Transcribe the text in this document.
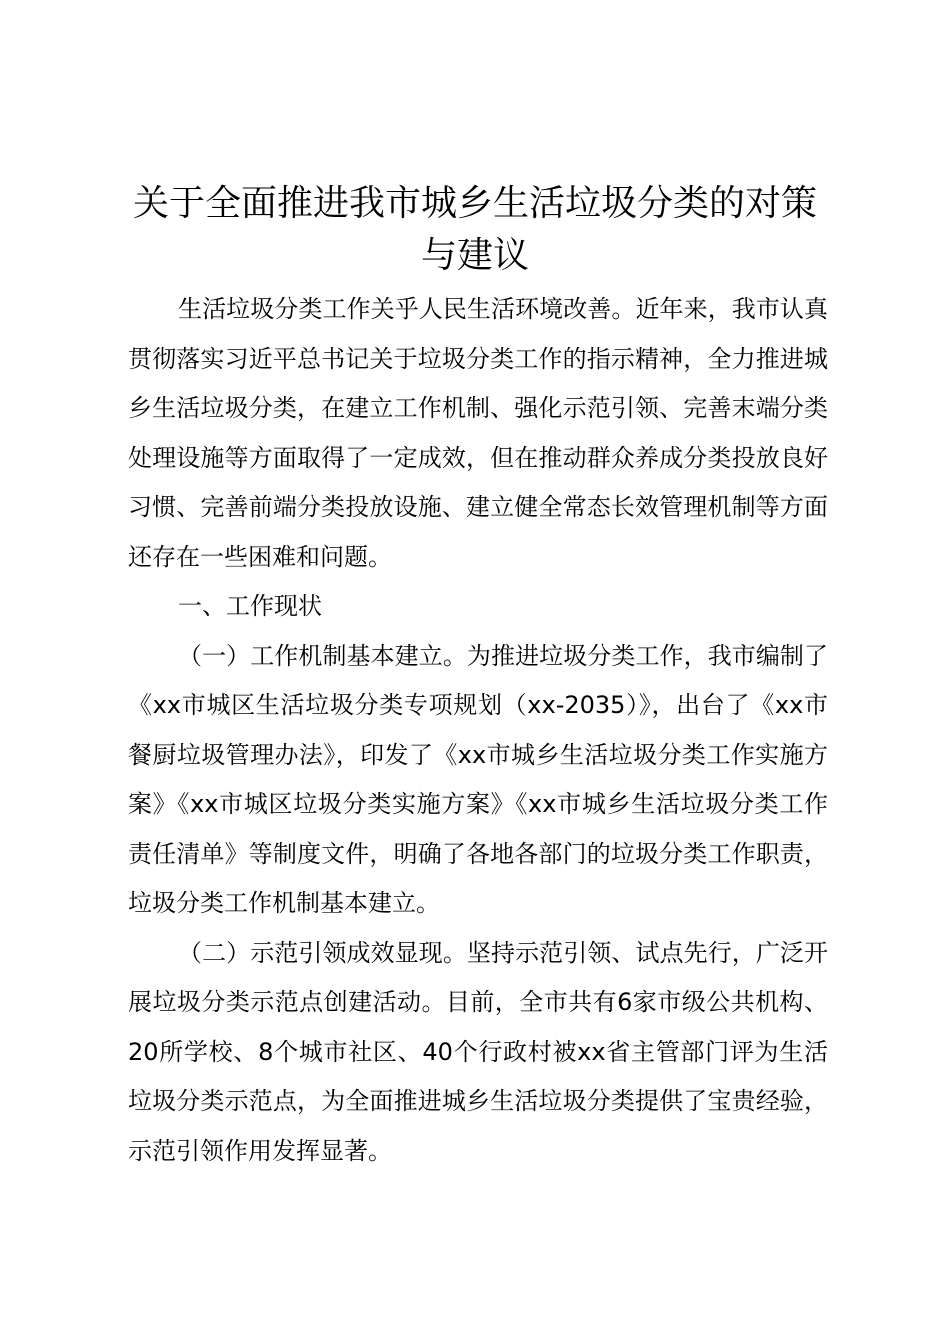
关于全面推进我市城乡生活垃圾分类的对策与建议

生活垃圾分类工作关乎人民生活环境改善。近年来，我市认真贯彻落实习近平总书记关于垃圾分类工作的指示精神，全力推进城乡生活垃圾分类，在建立工作机制、强化示范引领、完善末端分类处理设施等方面取得了一定成效，但在推动群众养成分类投放良好习惯、完善前端分类投放设施、建立健全常态长效管理机制等方面还存在一些困难和问题。

一、工作现状

（一）工作机制基本建立。为推进垃圾分类工作，我市编制了《xx市城区生活垃圾分类专项规划（xx-2035）》，出台了《xx市餐厨垃圾管理办法》，印发了《xx市城乡生活垃圾分类工作实施方案》《xx市城区垃圾分类实施方案》《xx市城乡生活垃圾分类工作责任清单》等制度文件，明确了各地各部门的垃圾分类工作职责，垃圾分类工作机制基本建立。

（二）示范引领成效显现。坚持示范引领、试点先行，广泛开展垃圾分类示范点创建活动。目前，全市共有6家市级公共机构、20所学校、8个城市社区、40个行政村被xx省主管部门评为生活垃圾分类示范点，为全面推进城乡生活垃圾分类提供了宝贵经验，示范引领作用发挥显著。
